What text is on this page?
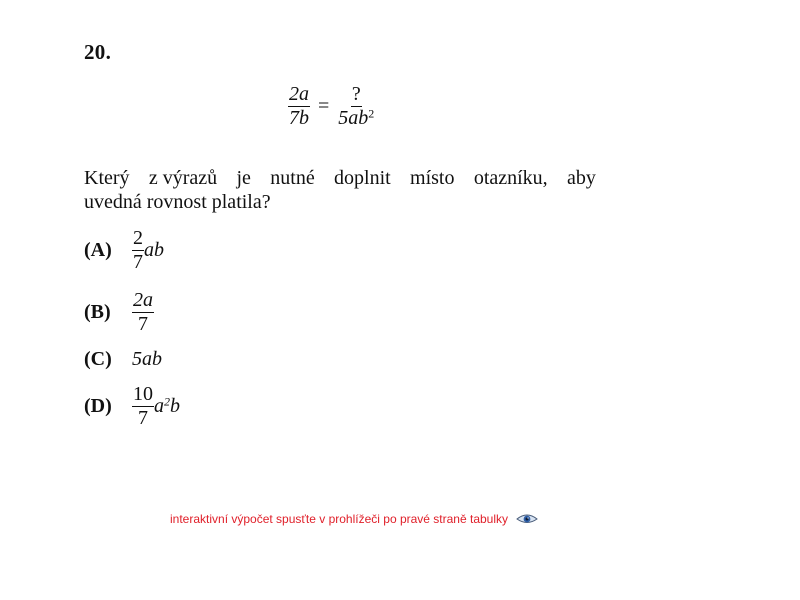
20.
$\frac{2a}{7b} = \frac{?}{5ab^2}$
Který z výrazů je nutné doplnit místo otazníku, aby
uvedná rovnost platila?
(A)	$\frac{2}{7}$ ab
(B)	$\frac{2a}{7}$
(C)	5ab
(D)	$\frac{10}{7} a^2b$
interaktivní výpočet spusťte v prohlížeči po pravé straně tabulky
